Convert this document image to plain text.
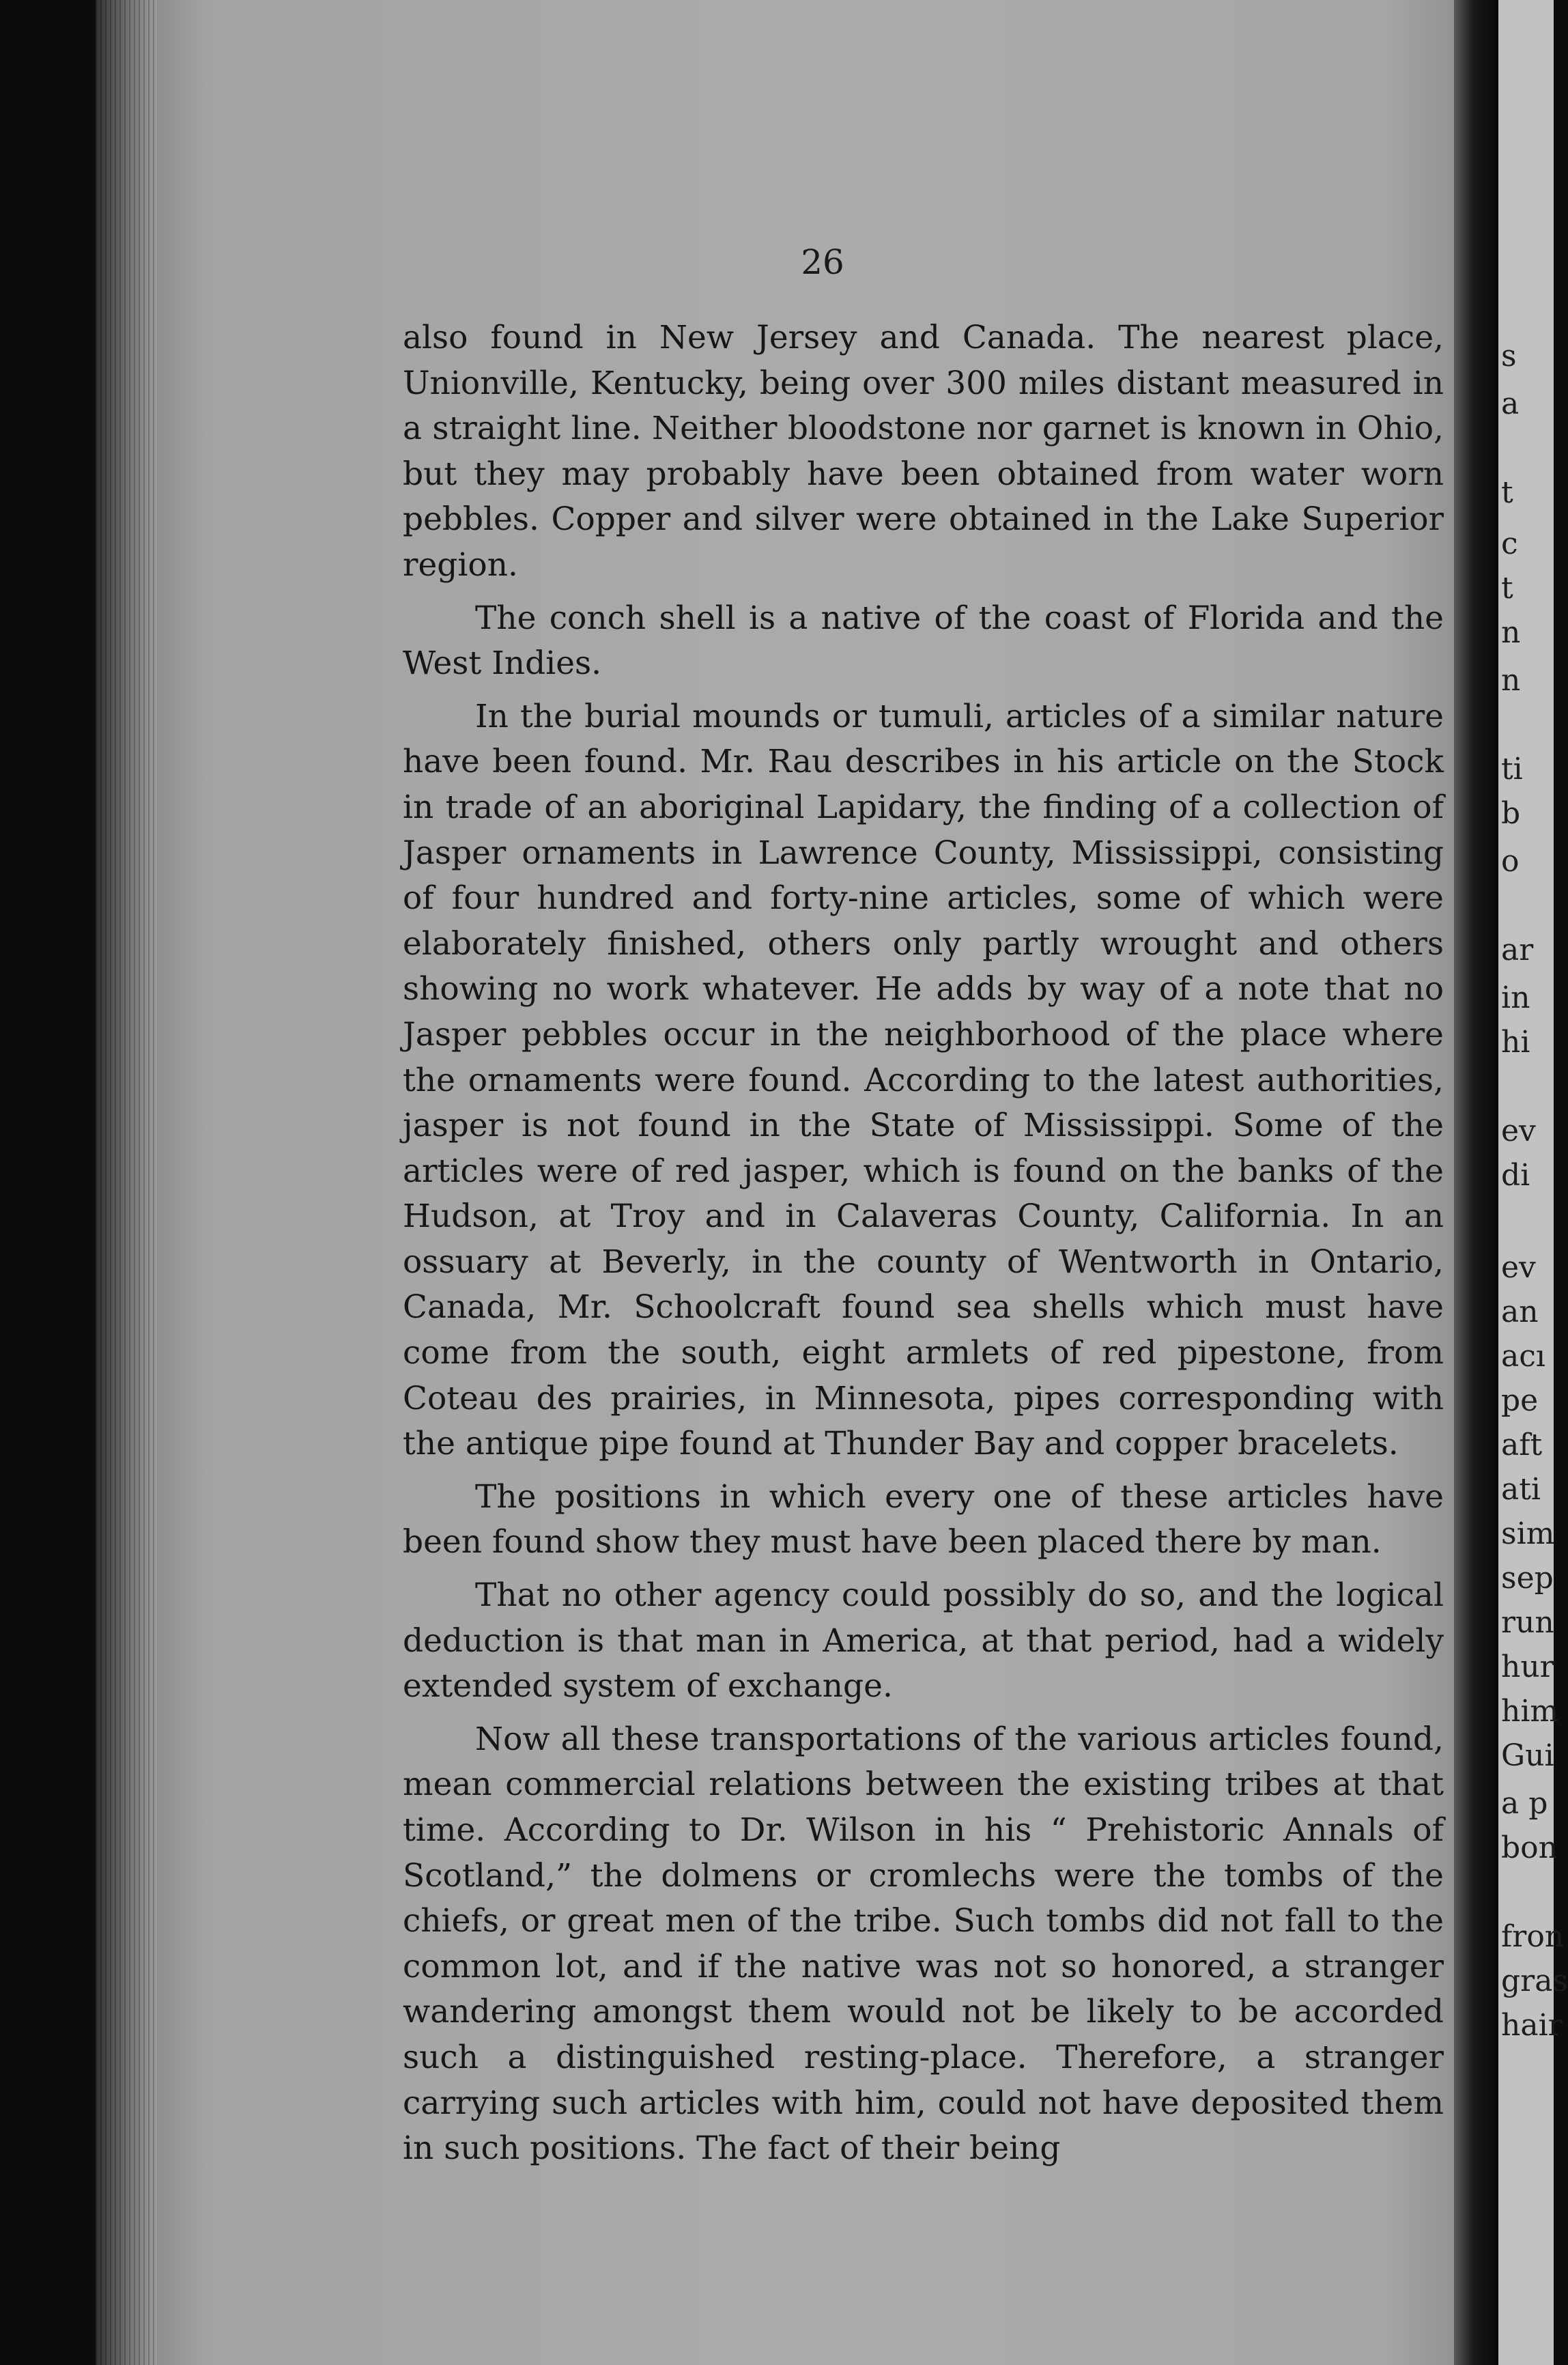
26

also found in New Jersey and Canada. The nearest place, Unionville, Kentucky, being over 300 miles distant measured in a straight line. Neither bloodstone nor garnet is known in Ohio, but they may probably have been obtained from water worn pebbles. Copper and silver were obtained in the Lake Superior region.

The conch shell is a native of the coast of Florida and the West Indies.

In the burial mounds or tumuli, articles of a similar nature have been found. Mr. Rau describes in his article on the Stock in trade of an aboriginal Lapidary, the finding of a collection of Jasper ornaments in Lawrence County, Mississippi, consisting of four hundred and forty-nine articles, some of which were elaborately finished, others only partly wrought and others showing no work whatever. He adds by way of a note that no Jasper pebbles occur in the neighborhood of the place where the ornaments were found. According to the latest authorities, jasper is not found in the State of Mississippi. Some of the articles were of red jasper, which is found on the banks of the Hudson, at Troy and in Calaveras County, California. In an ossuary at Beverly, in the county of Wentworth in Ontario, Canada, Mr. Schoolcraft found sea shells which must have come from the south, eight armlets of red pipestone, from Coteau des prairies, in Minnesota, pipes corresponding with the antique pipe found at Thunder Bay and copper bracelets.

The positions in which every one of these articles have been found show they must have been placed there by man.

That no other agency could possibly do so, and the logical deduction is that man in America, at that period, had a widely extended system of exchange.

Now all these transportations of the various articles found, mean commercial relations between the existing tribes at that time. According to Dr. Wilson in his “ Prehistoric Annals of Scotland,” the dolmens or cromlechs were the tombs of the chiefs, or great men of the tribe. Such tombs did not fall to the common lot, and if the native was not so honored, a stranger wandering amongst them would not be likely to be accorded such a distinguished resting-place. Therefore, a stranger carrying such articles with him, could not have deposited them in such positions. The fact of their being

s
a
t
c
t
n
n
ti
b
o
ar
in
hi
ev
di
ev
an
acı
pe
aft
ati
sim
sep
run
hur
him
Gui
a p
bon
fron
gras
hair
